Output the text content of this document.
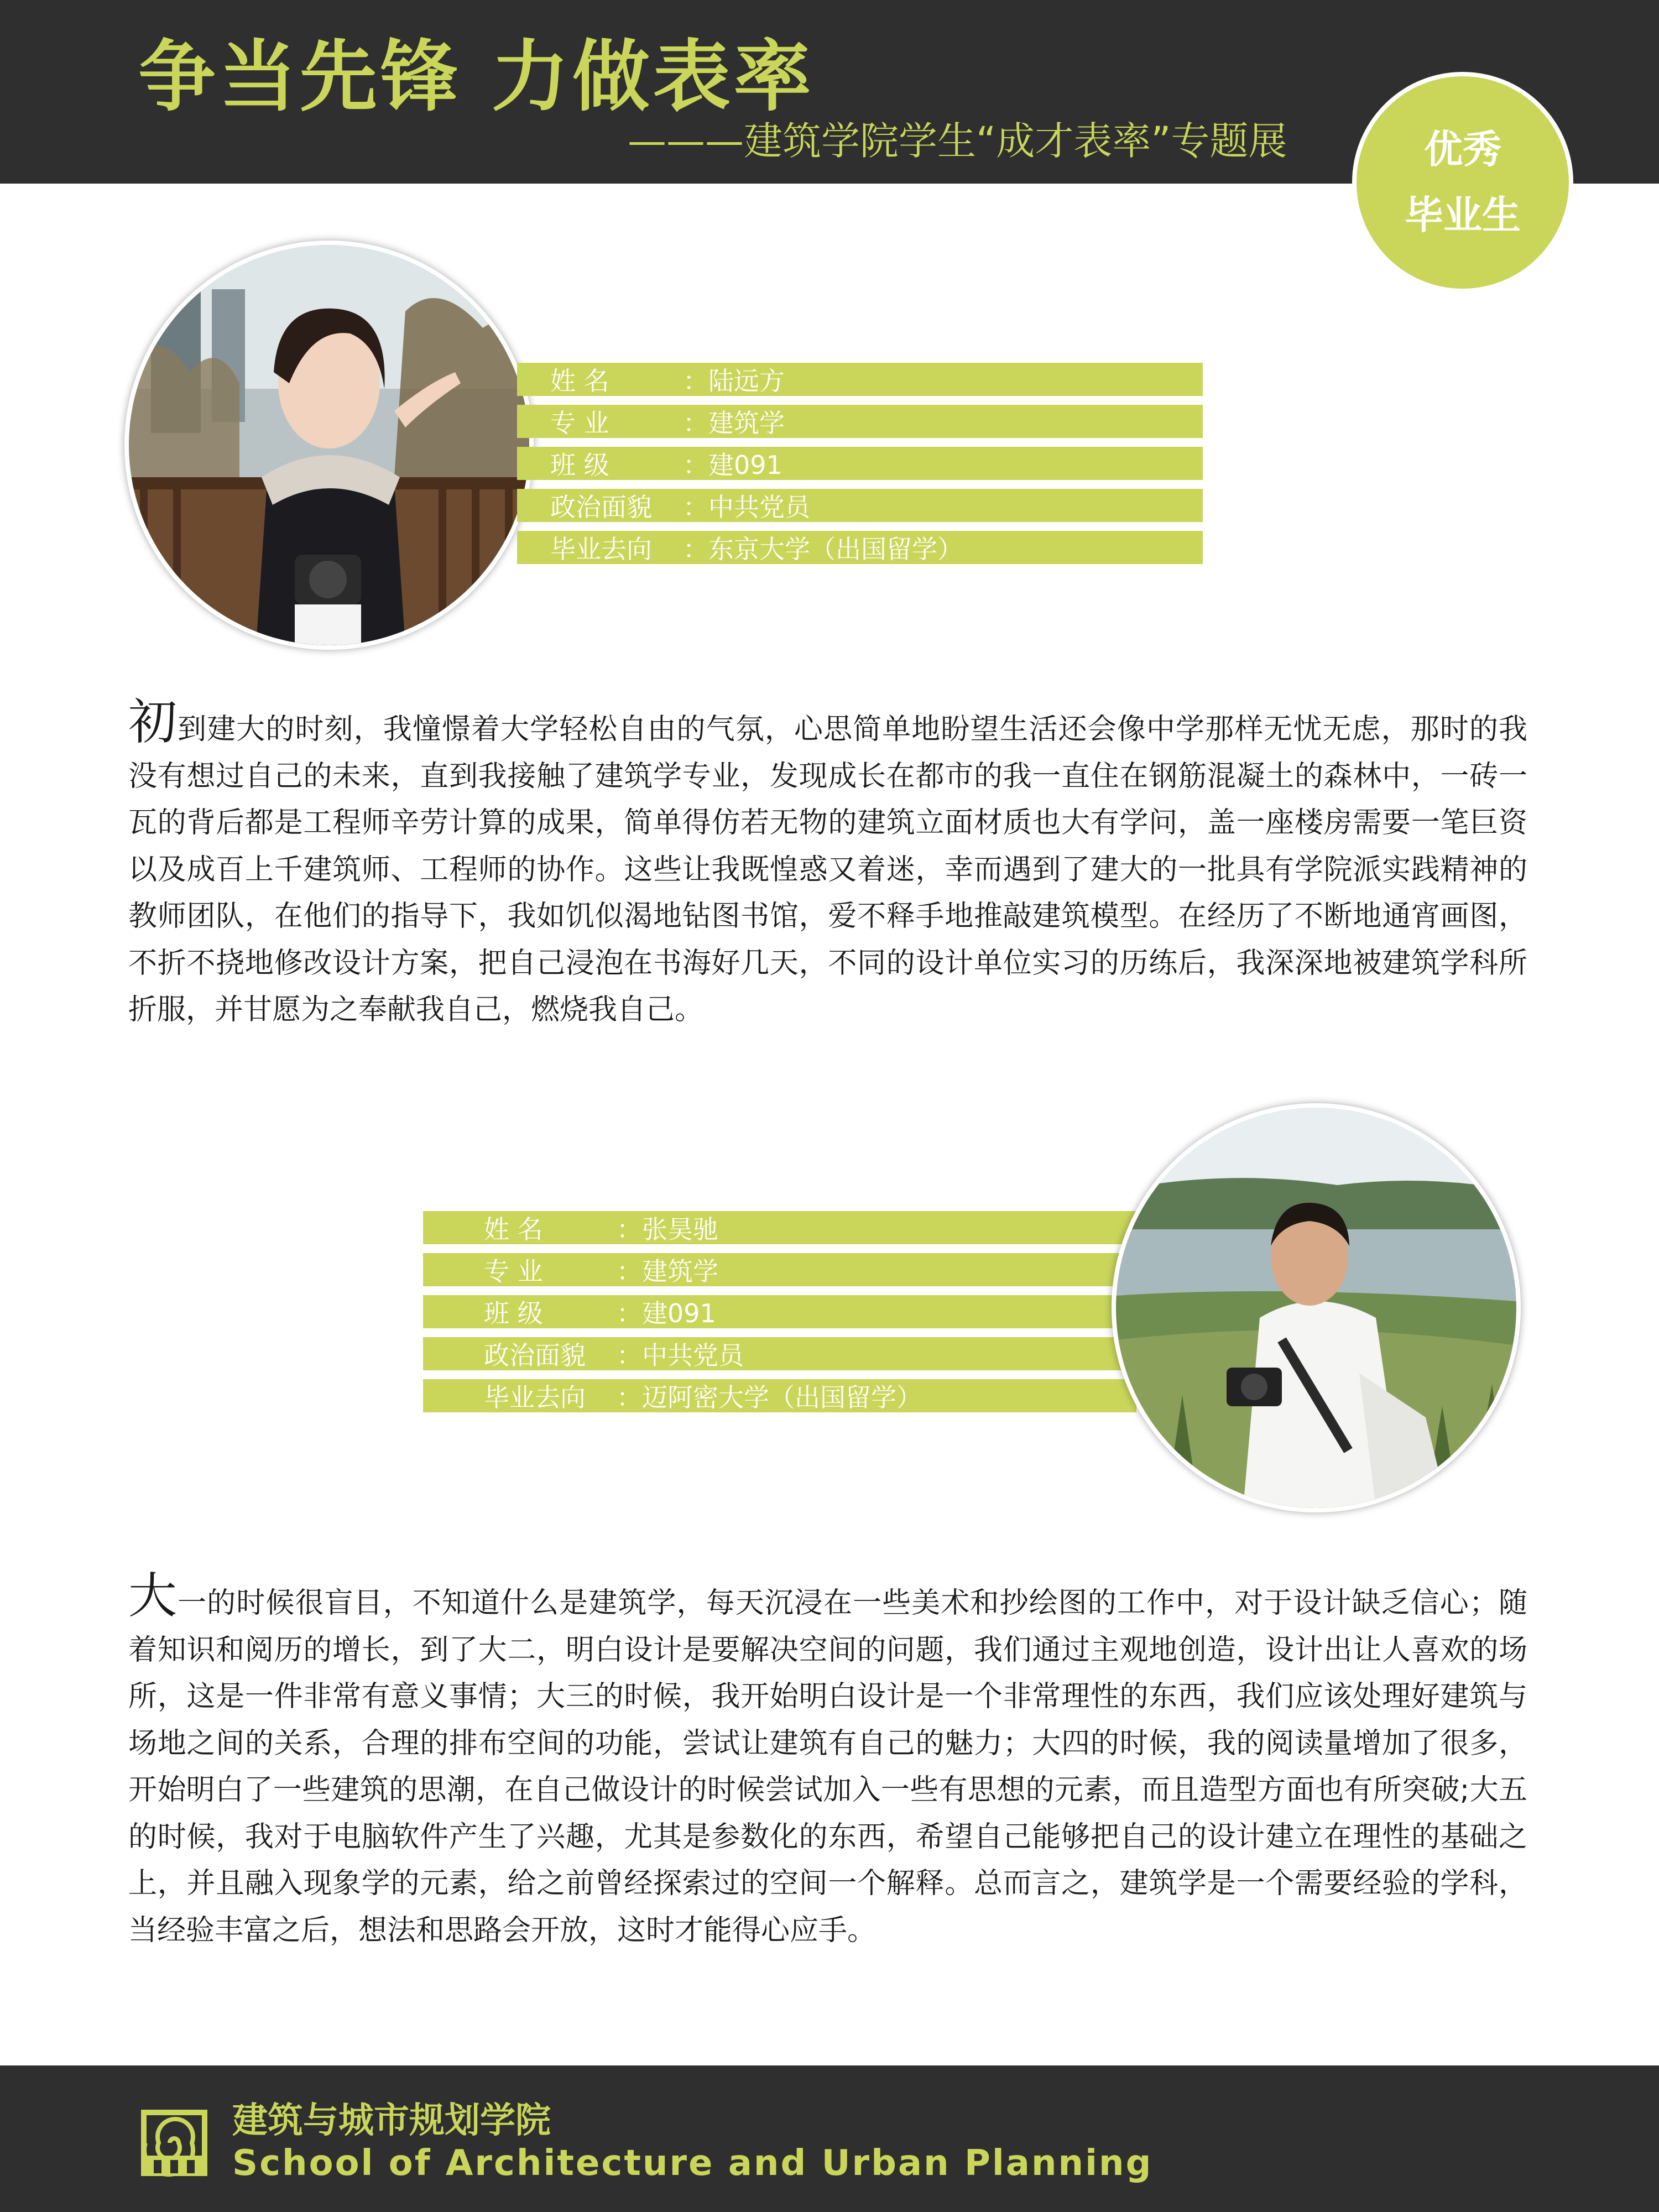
争当先锋 力做表率
———建筑学院学生“成才表率”专题展	优秀
毕业生
姓 名	： 陆远方
专 业	： 建筑学
班 级	： 建091
政治面貌	： 中共党员
毕业去向	： 东京大学（出国留学）

初到建大的时刻，我憧憬着大学轻松自由的气氛，心思简单地盼望生活还会像中学那样无忧无虑，那时的我没有想过自己的未来，直到我接触了建筑学专业，发现成长在都市的我一直住在钢筋混凝土的森林中，一砖一瓦的背后都是工程师辛劳计算的成果，简单得仿若无物的建筑立面材质也大有学问，盖一座楼房需要一笔巨资以及成百上千建筑师、工程师的协作。这些让我既惶惑又着迷，幸而遇到了建大的一批具有学院派实践精神的教师团队，在他们的指导下，我如饥似渴地钻图书馆，爱不释手地推敲建筑模型。在经历了不断地通宵画图，不折不挠地修改设计方案，把自己浸泡在书海好几天，不同的设计单位实习的历练后，我深深地被建筑学科所折服，并甘愿为之奉献我自己，燃烧我自己。

姓 名	： 张昊驰
专 业	： 建筑学
班 级	： 建091
政治面貌	： 中共党员
毕业去向	： 迈阿密大学（出国留学）

大一的时候很盲目，不知道什么是建筑学，每天沉浸在一些美术和抄绘图的工作中，对于设计缺乏信心；随着知识和阅历的增长，到了大二，明白设计是要解决空间的问题，我们通过主观地创造，设计出让人喜欢的场所，这是一件非常有意义事情；大三的时候，我开始明白设计是一个非常理性的东西，我们应该处理好建筑与场地之间的关系，合理的排布空间的功能，尝试让建筑有自己的魅力；大四的时候，我的阅读量增加了很多，开始明白了一些建筑的思潮，在自己做设计的时候尝试加入一些有思想的元素，而且造型方面也有所突破;大五的时候，我对于电脑软件产生了兴趣，尤其是参数化的东西，希望自己能够把自己的设计建立在理性的基础之上，并且融入现象学的元素，给之前曾经探索过的空间一个解释。总而言之，建筑学是一个需要经验的学科，当经验丰富之后，想法和思路会开放，这时才能得心应手。

建筑与城市规划学院
School of Architecture and Urban Planning
